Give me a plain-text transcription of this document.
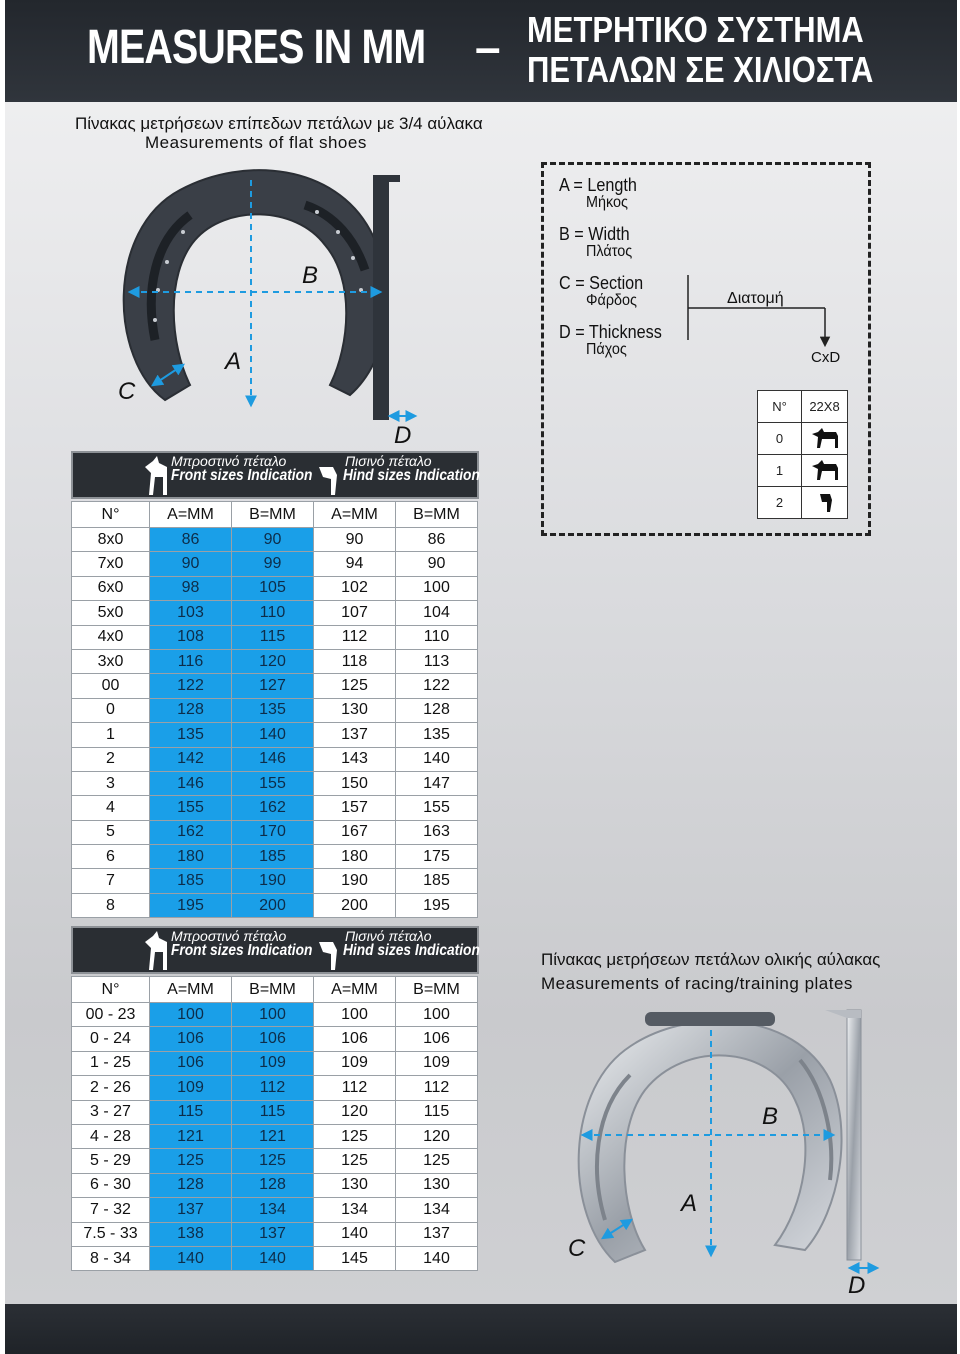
MEASURES IN MM – ΜΕΤΡΗΤΙΚΟ ΣΥΣΤΗΜΑ
ΠΕΤΑΛΩΝ ΣΕ ΧΙΛΙΟΣΤΑ
Πίνακας μετρήσεων επίπεδων πετάλων με 3/4 αύλακα
Measurements of flat shoes
B
A
C
D
B
A
C
D
A = Length
Μήκος
B = Width
Πλάτος
C = Section
Φάρδος
D = Thickness
Πάχος
Διατομή
CxD
N°	22X8
0	
1	
2	
Μπροστινό πέταλο
Front sizes Indication
Πισινό πέταλο
Hind sizes Indication
N°	A=MM	B=MM	A=MM	B=MM
8x0	86	90	90	86
7x0	90	99	94	90
6x0	98	105	102	100
5x0	103	110	107	104
4x0	108	115	112	110
3x0	116	120	118	113
00	122	127	125	122
0	128	135	130	128
1	135	140	137	135
2	142	146	143	140
3	146	155	150	147
4	155	162	157	155
5	162	170	167	163
6	180	185	180	175
7	185	190	190	185
8	195	200	200	195
Μπροστινό πέταλο
Front sizes Indication
Πισινό πέταλο
Hind sizes Indication
N°	A=MM	B=MM	A=MM	B=MM
00 - 23	100	100	100	100
0 - 24	106	106	106	106
1 - 25	106	109	109	109
2 - 26	109	112	112	112
3 - 27	115	115	120	115
4 - 28	121	121	125	120
5 - 29	125	125	125	125
6 - 30	128	128	130	130
7 - 32	137	134	134	134
7.5 - 33	138	137	140	137
8 - 34	140	140	145	140
Πίνακας μετρήσεων πετάλων ολικής αύλακας
Measurements of racing/training plates
